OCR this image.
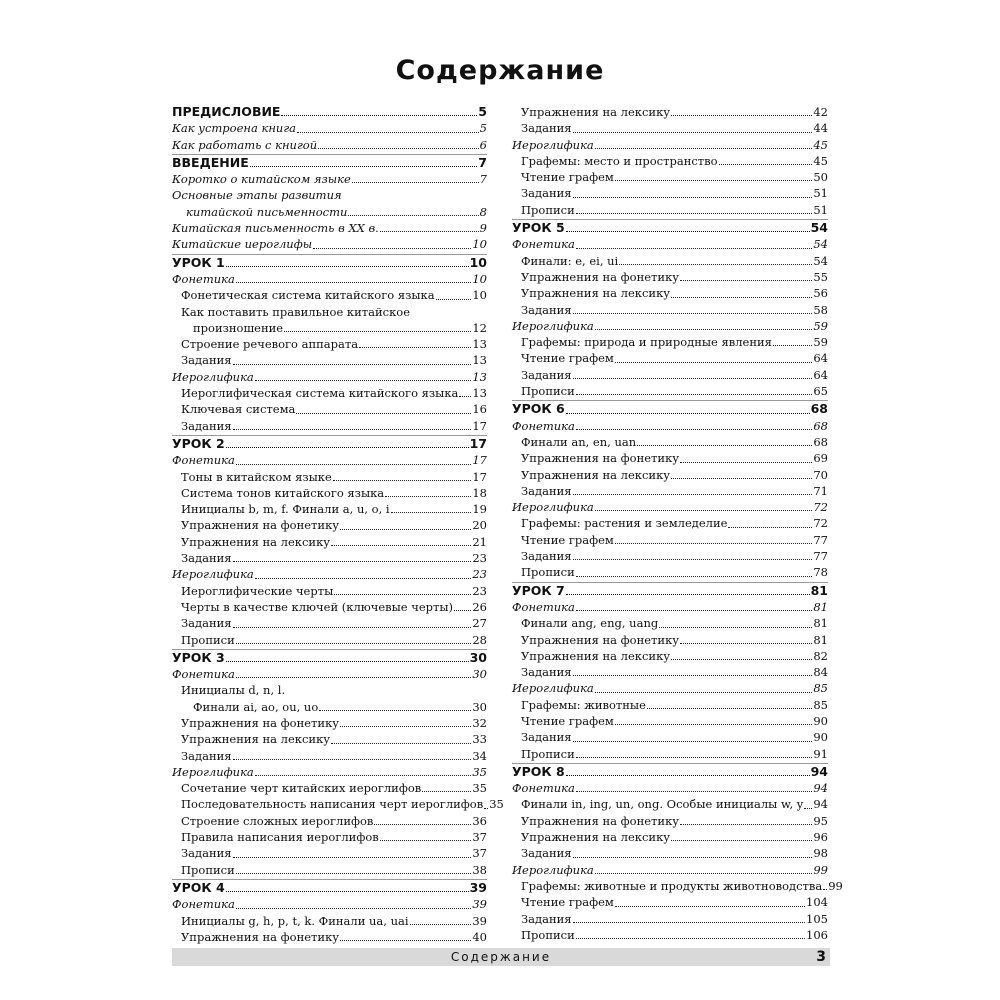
Содержание
ПРЕДИСЛОВИЕ	5
Как устроена книга	5
Как работать с книгой	6
ВВЕДЕНИЕ	7
Коротко о китайском языке	7
Основные этапы развития
китайской письменности	8
Китайская письменность в XX в.	9
Китайские иероглифы	10
УРОК 1	10
Фонетика	10
Фонетическая система китайского языка	10
Как поставить правильное китайское
произношение	12
Строение речевого аппарата	13
Задания	13
Иероглифика	13
Иероглифическая система китайского языка 13
Ключевая система	16
Задания	17
УРОК 2	17
Фонетика	17
Тоны в китайском языке	17
Система тонов китайского языка	18
Инициалы b, m, f. Финали a, u, o, i	19
Упражнения на фонетику	20
Упражнения на лексику	21
Задания	23
Иероглифика	23
Иероглифические черты	23
Черты в качестве ключей (ключевые черты) 26
Задания	27
Прописи	28
УРОК 3	30
Фонетика	30
Инициалы d, n, l.
Финали ai, ao, ou, uo	30
Упражнения на фонетику	32
Упражнения на лексику	33
Задания	34
Иероглифика	35
Сочетание черт китайских иероглифов	35
Последовательность написания черт иероглифов 35
Строение сложных иероглифов	36
Правила написания иероглифов	37
Задания	37
Прописи	38
УРОК 4	39
Фонетика	39
Инициалы g, h, p, t, k. Финали ua, uai	39
Упражнения на фонетику	40
Упражнения на лексику	42
Задания	44
Иероглифика	45
Графемы: место и пространство	45
Чтение графем	50
Задания	51
Прописи	51
УРОК 5	54
Фонетика	54
Финали: e, ei, ui	54
Упражнения на фонетику	55
Упражнения на лексику	56
Задания	58
Иероглифика	59
Графемы: природа и природные явления	59
Чтение графем	64
Задания	64
Прописи	65
УРОК 6	68
Фонетика	68
Финали an, en, uan	68
Упражнения на фонетику	69
Упражнения на лексику	70
Задания	71
Иероглифика	72
Графемы: растения и земледелие	72
Чтение графем	77
Задания	77
Прописи	78
УРОК 7	81
Фонетика	81
Финали ang, eng, uang	81
Упражнения на фонетику	81
Упражнения на лексику	82
Задания	84
Иероглифика	85
Графемы: животные	85
Чтение графем	90
Задания	90
Прописи	91
УРОК 8	94
Фонетика	94
Финали in, ing, un, ong. Особые инициалы w, y 94
Упражнения на фонетику	95
Упражнения на лексику	96
Задания	98
Иероглифика	99
Графемы: животные и продукты животноводства 99
Чтение графем	104
Задания	105
Прописи	106
Содержание	3
